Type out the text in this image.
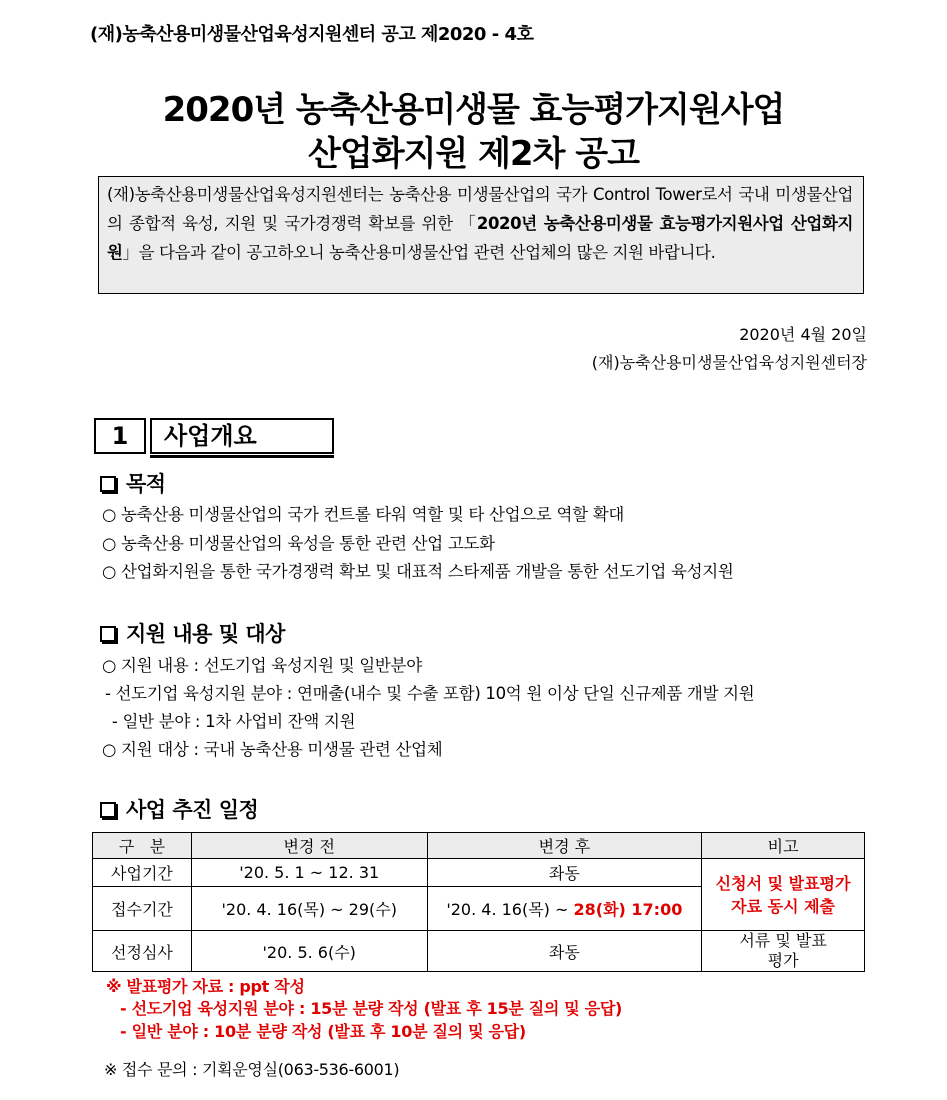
(재)농축산용미생물산업육성지원센터 공고 제2020 - 4호
2020년 농축산용미생물 효능평가지원사업
산업화지원 제2차 공고
(재)농축산용미생물산업육성지원센터는 농축산용 미생물산업의 국가 Control Tower로서 국내 미생물산업의 종합적 육성, 지원 및 국가경쟁력 확보를 위한 「2020년 농축산용미생물 효능평가지원사업 산업화지원」을 다음과 같이 공고하오니 농축산용미생물산업 관련 산업체의 많은 지원 바랍니다.
2020년 4월 20일
(재)농축산용미생물산업육성지원센터장
1	사업개요
목적
○ 농축산용 미생물산업의 국가 컨트롤 타워 역할 및 타 산업으로 역할 확대
○ 농축산용 미생물산업의 육성을 통한 관련 산업 고도화
○ 산업화지원을 통한 국가경쟁력 확보 및 대표적 스타제품 개발을 통한 선도기업 육성지원
지원 내용 및 대상
○ 지원 내용 : 선도기업 육성지원 및 일반분야
- 선도기업 육성지원 분야 : 연매출(내수 및 수출 포함) 10억 원 이상 단일 신규제품 개발 지원
- 일반 분야 : 1차 사업비 잔액 지원
○ 지원 대상 : 국내 농축산용 미생물 관련 산업체
사업 추진 일정
구   분	변경 전	변경 후	비고
사업기간	'20. 5. 1 ~ 12. 31	좌동	신청서 및 발표평가 자료 동시 제출
접수기간	'20. 4. 16(목) ~ 29(수)	'20. 4. 16(목) ~ 28(화) 17:00	
선정심사	'20. 5. 6(수)	좌동	서류 및 발표평가
※ 발표평가 자료 : ppt 작성
- 선도기업 육성지원 분야 : 15분 분량 작성 (발표 후 15분 질의 및 응답)
- 일반 분야 : 10분 분량 작성 (발표 후 10분 질의 및 응답)
※ 접수 문의 : 기획운영실(063-536-6001)
